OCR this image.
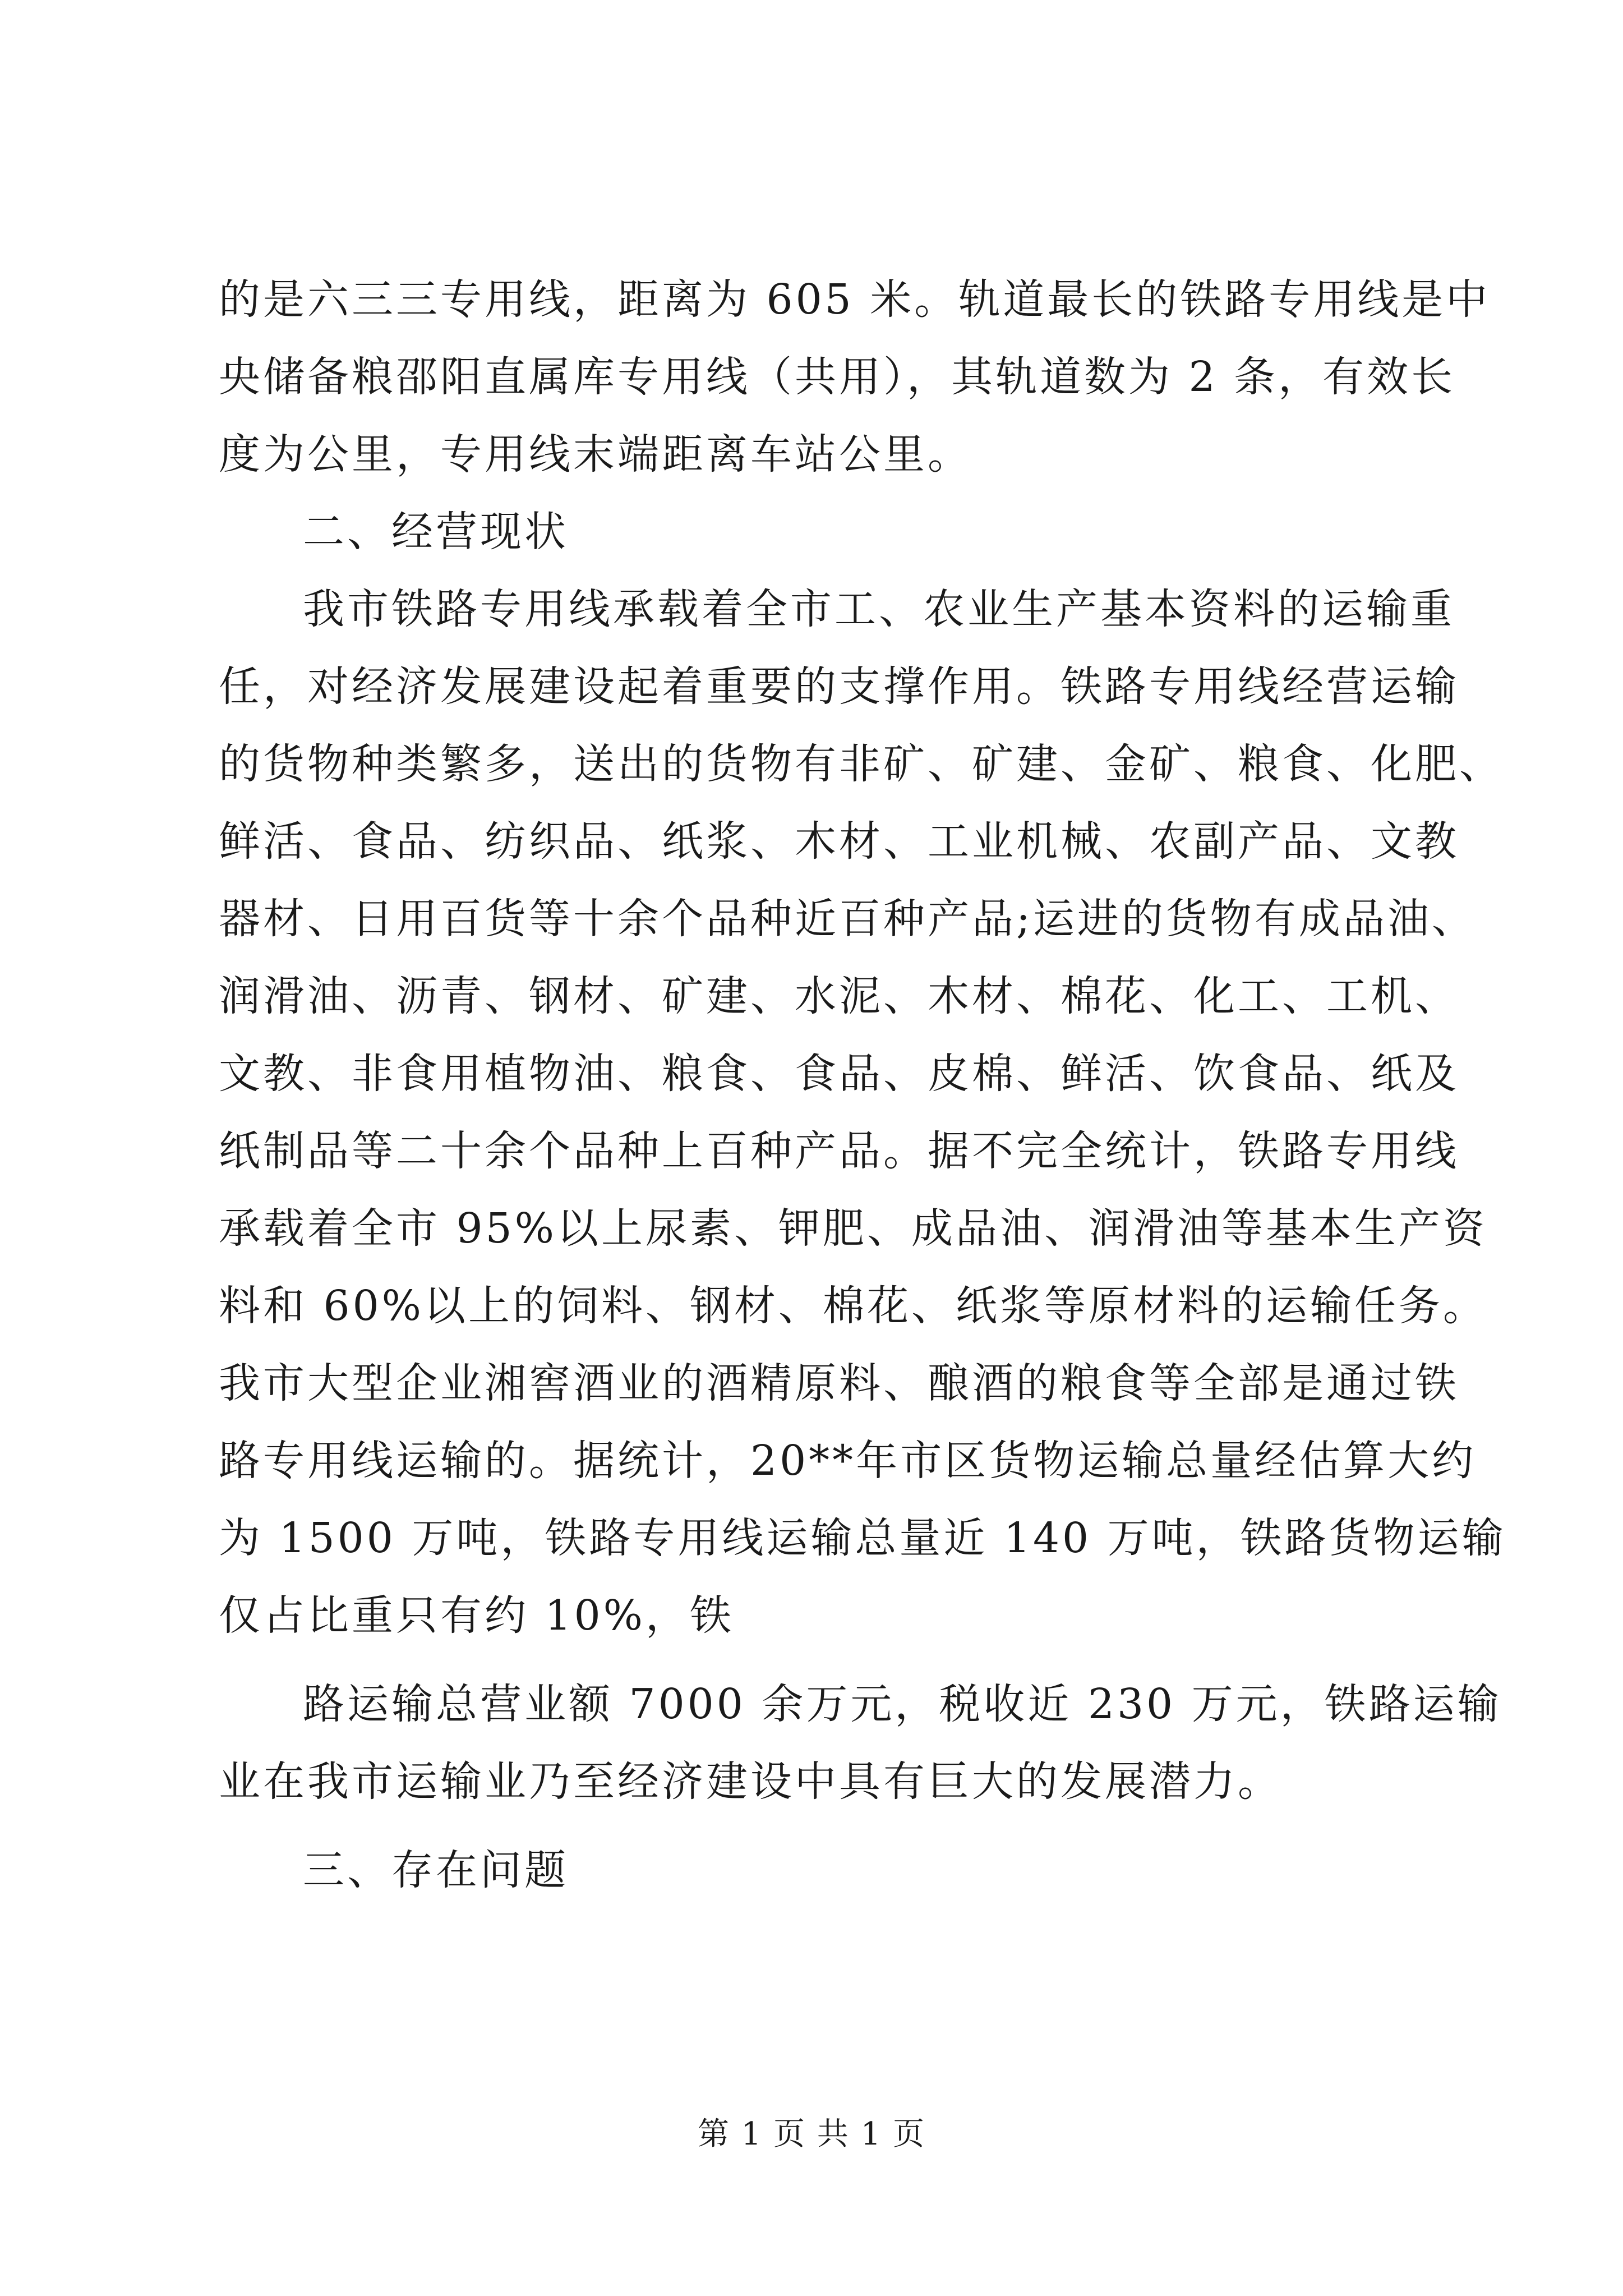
的是六三三专用线，距离为 605 米。轨道最长的铁路专用线是中
央储备粮邵阳直属库专用线（共用），其轨道数为 2 条，有效长
度为公里，专用线末端距离车站公里。
二、经营现状
我市铁路专用线承载着全市工、农业生产基本资料的运输重
任，对经济发展建设起着重要的支撑作用。铁路专用线经营运输
的货物种类繁多，送出的货物有非矿、矿建、金矿、粮食、化肥、
鲜活、食品、纺织品、纸浆、木材、工业机械、农副产品、文教
器材、日用百货等十余个品种近百种产品;运进的货物有成品油、
润滑油、沥青、钢材、矿建、水泥、木材、棉花、化工、工机、
文教、非食用植物油、粮食、食品、皮棉、鲜活、饮食品、纸及
纸制品等二十余个品种上百种产品。据不完全统计，铁路专用线
承载着全市 95%以上尿素、钾肥、成品油、润滑油等基本生产资
料和 60%以上的饲料、钢材、棉花、纸浆等原材料的运输任务。
我市大型企业湘窖酒业的酒精原料、酿酒的粮食等全部是通过铁
路专用线运输的。据统计，20**年市区货物运输总量经估算大约
为 1500 万吨，铁路专用线运输总量近 140 万吨，铁路货物运输
仅占比重只有约 10%，铁
路运输总营业额 7000 余万元，税收近 230 万元，铁路运输
业在我市运输业乃至经济建设中具有巨大的发展潜力。
三、存在问题
第 1 页 共 1 页
